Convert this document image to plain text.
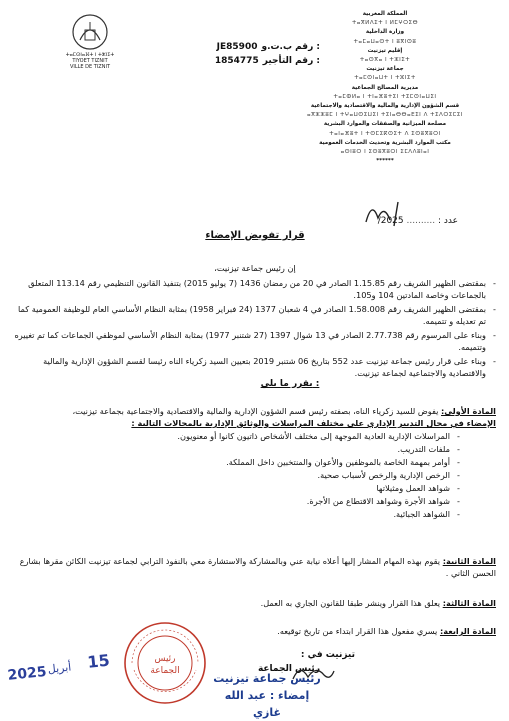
ⵜⴰⵎⵙⵏⴰⴼⵜ ⵏ ⵜⵣⵏⵉⵜ
TIYOET TIZNIT
VILLE DE TIZNIT
JE85900 رقم ب.ت.و :
1854775 رقم التأجير :
المملكة المغربية
ⵜⴰⴳⵍⴷⵉⵜ ⵏ ⵍⵎⵖⵔⵉⴱ
وزارة الداخلية
ⵜⴰⵎⴰⵡⴰⵙⵜ ⵏ ⵓⴳⵏⵙⵓ
إقليم تيزنيت
ⵜⴰⵙⴳⴰ ⵏ ⵜⵣⵏⵉⵜ
جماعة تيزنيت
ⵜⴰⵎⵙⵏⴰⵡⵜ ⵏ ⵜⵣⵏⵉⵜ
مديرية المصالح الجماعية
ⵜⴰⵎⵀⵍⴰ ⵏ ⵜⵏⴰⴼⵓⵜⵉⵏ ⵜⵉⵎⵙⵏⴰⵡⵉⵏ
قسم الشؤون الإدارية والمالية والاقتصادية والاجتماعية
ⴰⴳⵣⵣⵓⵎ ⵏ ⵜⵖⴰⵡⵙⵉⵡⵉⵏ ⵜⵉⵏⴰⴱⴱⴰⴹⵉⵏ ⴷ ⵜⵉⴷⵔⵉⵎⵉⵏ
مصلحة الميزانية والصفقات والموارد البشرية
ⵜⴰⵏⴰⴼⵓⵜ ⵏ ⵜⵙⵎⵉⴽⵙⵉⵜ ⴷ ⵉⵙⵓⴳⵓⵔⵏ
مكتب الموارد البشرية وتحديث الخدمات العمومية
ⴰⵙⵏⵓⵔ ⵏ ⵉⵙⵓⴳⵓⵔⵏ ⵉⵎⴷⴷⵓⵏⴰⵏ
******
عدد : .......... 2025/
قرار تفويض الإمضاء
إن رئيس جماعة تيزنيت،
- بمقتضى الظهير الشريف رقم 1.15.85 الصادر في 20 من رمضان 1436 (7 يوليو 2015) بتنفيذ القانون التنظيمي رقم 113.14 المتعلق بالجماعات وخاصة المادتين 104 و105.
- بمقتضى الظهير الشريف رقم 1.58.008 الصادر في 4 شعبان 1377 (24 فبراير 1958) بمثابة النظام الأساسي العام للوظيفة العمومية كما تم تعديله و تتميمه.
- وبناء على المرسوم رقم 2.77.738 الصادر في 13 شوال 1397 (27 شتنبر 1977) بمثابة النظام الأساسي لموظفي الجماعات كما تم تغييره وتتميمه.
- وبناء على قرار رئيس جماعة تيزنيت عدد 552 بتاريخ 06 شتنبر 2019 بتعيين السيد زكرياء الناه رئيسا لقسم الشؤون الإدارية والمالية والاقتصادية والاجتماعية لجماعة تيزنيت.
يقرر ما يلي :
المادة الأولى: يفوض للسيد زكرياء الناه، بصفته رئيس قسم الشؤون الإدارية والمالية والاقتصادية والاجتماعية بجماعة تيزنيت،
الإمضاء في مجال التدبير الإداري على مختلف المراسلات والوثائق الإدارية بالمجالات التالية :
- المراسلات الإدارية العادية الموجهة إلى مختلف الأشخاص ذاتيون كانوا أو معنويون.
- ملفات التدريب.
- أوامر بمهمة الخاصة بالموظفين والأعوان والمنتخبين داخل المملكة.
- الرخص الإدارية والرخص لأسباب صحية.
- شواهد العمل ومثيلاتها
- شواهد الأجرة وشواهد الاقتطاع من الأجرة.
- الشواهد الجبائية.
المادة الثانية: يقوم بهذه المهام المشار إليها أعلاه نيابة عني وبالمشاركة والاستشارة معي بالنفوذ الترابي لجماعة تيزنيت الكائن مقرها بشارع الحسن الثاني .
المادة الثالثة: يعلق هذا القرار وينشر طبقا للقانون الجاري به العمل.
المادة الرابعة: يسري مفعول هذا القرار ابتداء من تاريخ توقيعه.
2025 أبريل 15	رئيس
الجماعة
تيزنيت في :
رئيس الجماعة
رئيس جماعة تيزنيت
إمضاء : عبد الله غازي
